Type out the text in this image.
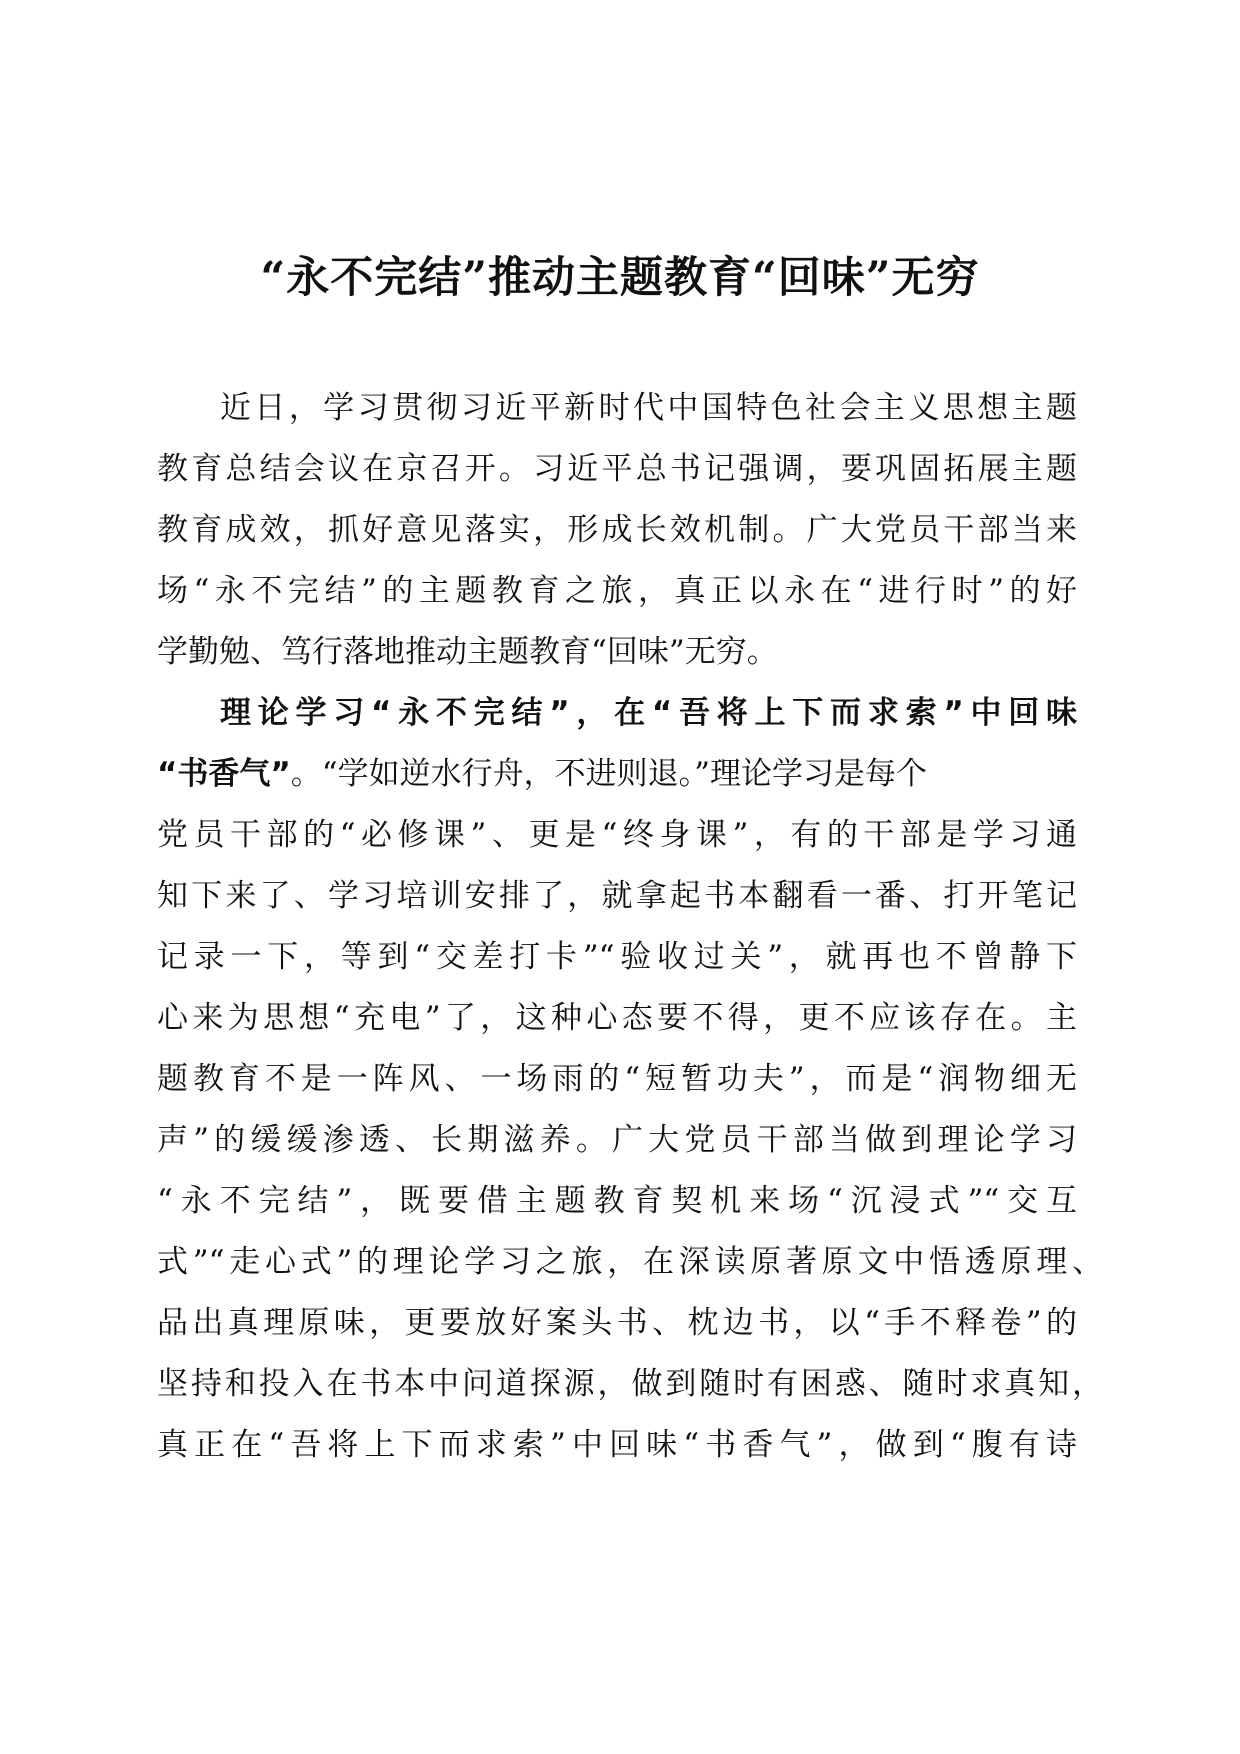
“永不完结”推动主题教育“回味”无穷

近日，学习贯彻习近平新时代中国特色社会主义思想主题

教育总结会议在京召开。习近平总书记强调，要巩固拓展主题

教育成效，抓好意见落实，形成长效机制。广大党员干部当来

场“永不完结”的主题教育之旅，真正以永在“进行时”的好

学勤勉、笃行落地推动主题教育“回味”无穷。

理论学习“永不完结”，在“吾将上下而求索”中回味

“书香气”。“学如逆水行舟，不进则退。”理论学习是每个

党员干部的“必修课”、更是“终身课”，有的干部是学习通

知下来了、学习培训安排了，就拿起书本翻看一番、打开笔记

记录一下，等到“交差打卡”“验收过关”，就再也不曾静下

心来为思想“充电”了，这种心态要不得，更不应该存在。主

题教育不是一阵风、一场雨的“短暂功夫”，而是“润物细无

声”的缓缓渗透、长期滋养。广大党员干部当做到理论学习

“永不完结”，既要借主题教育契机来场“沉浸式”“交互

式”“走心式”的理论学习之旅，在深读原著原文中悟透原理、

品出真理原味，更要放好案头书、枕边书，以“手不释卷”的

坚持和投入在书本中问道探源，做到随时有困惑、随时求真知，

真正在“吾将上下而求索”中回味“书香气”，做到“腹有诗
